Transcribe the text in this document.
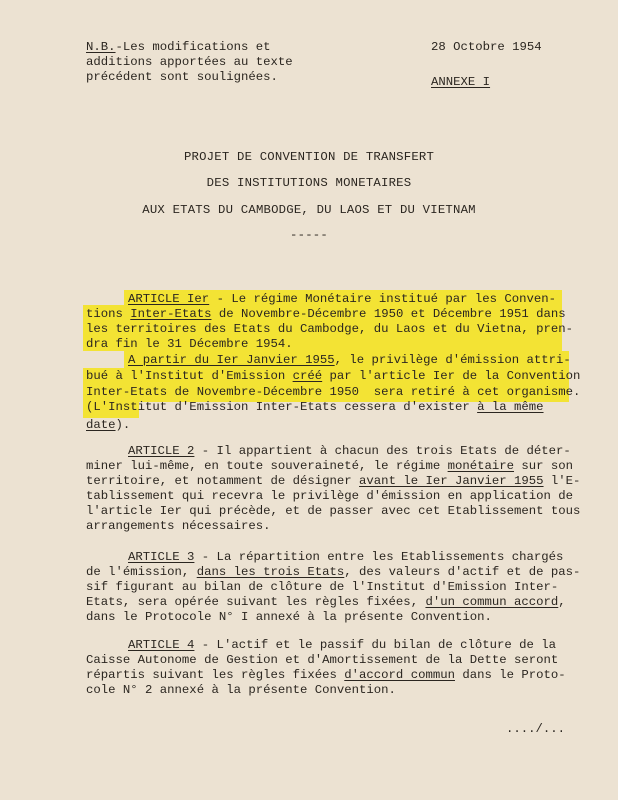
N.B.-Les modifications et
additions apportées au texte
précédent sont soulignées.
28 Octobre 1954
ANNEXE I
PROJET DE CONVENTION DE TRANSFERT
DES INSTITUTIONS MONETAIRES
AUX ETATS DU CAMBODGE, DU LAOS ET DU VIETNAM
-----
ARTICLE Ier - Le régime Monétaire institué par les Conven-
tions Inter-Etats de Novembre-Décembre 1950 et Décembre 1951 dans
les territoires des Etats du Cambodge, du Laos et du Vietna, pren-
dra fin le 31 Décembre 1954.
A partir du Ier Janvier 1955, le privilège d'émission attri-
bué à l'Institut d'Emission créé par l'article Ier de la Convention
Inter-Etats de Novembre-Décembre 1950  sera retiré à cet organisme.
(L'Institut d'Emission Inter-Etats cessera d'exister à la même

date).
ARTICLE 2 - Il appartient à chacun des trois Etats de déter-
miner lui-même, en toute souveraineté, le régime monétaire sur son
territoire, et notamment de désigner avant le Ier Janvier 1955 l'E-
tablissement qui recevra le privilège d'émission en application de
l'article Ier qui précède, et de passer avec cet Etablissement tous
arrangements nécessaires.
ARTICLE 3 - La répartition entre les Etablissements chargés
de l'émission, dans les trois Etats, des valeurs d'actif et de pas-
sif figurant au bilan de clôture de l'Institut d'Emission Inter-
Etats, sera opérée suivant les règles fixées, d'un commun accord,
dans le Protocole N° I annexé à la présente Convention.
ARTICLE 4 - L'actif et le passif du bilan de clôture de la
Caisse Autonome de Gestion et d'Amortissement de la Dette seront
répartis suivant les règles fixées d'accord commun dans le Proto-
cole N° 2 annexé à la présente Convention.
..../...
